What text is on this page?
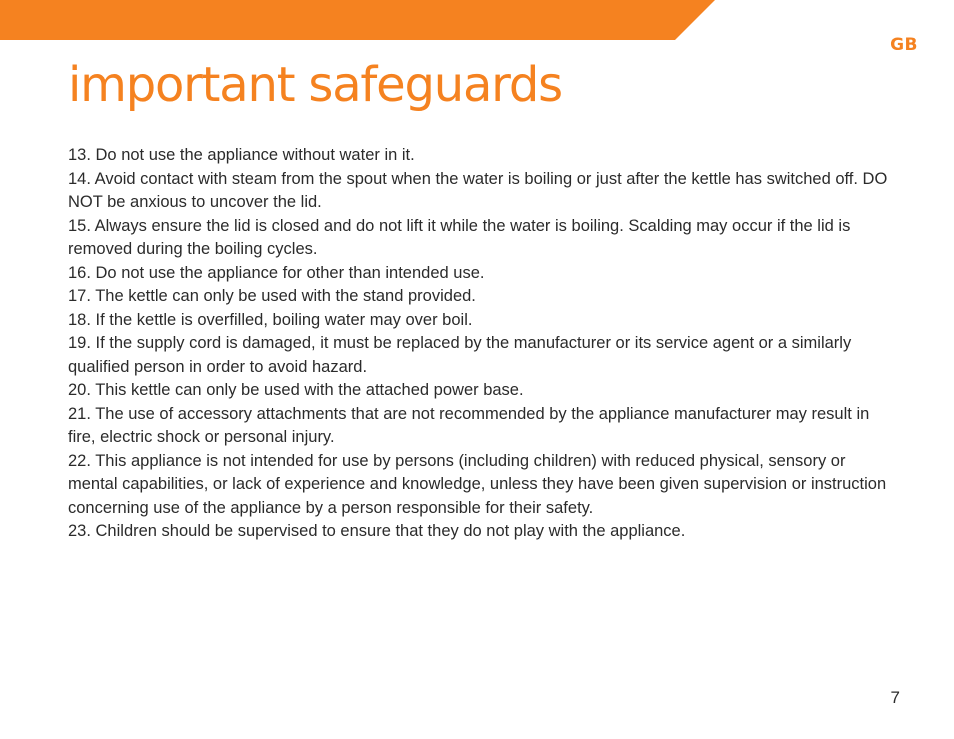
GB
important safeguards
13. Do not use the appliance without water in it.
14. Avoid contact with steam from the spout when the water is boiling or just after the kettle has switched off. DO NOT be anxious to uncover the lid.
15. Always ensure the lid is closed and do not lift it while the water is boiling. Scalding may occur if the lid is removed during the boiling cycles.
16. Do not use the appliance for other than intended use.
17. The kettle can only be used with the stand provided.
18. If the kettle is overfilled, boiling water may over boil.
19. If the supply cord is damaged, it must be replaced by the manufacturer or its service agent or a similarly qualified person in order to avoid hazard.
20. This kettle can only be used with the attached power base.
21. The use of accessory attachments that are not recommended by the appliance manufacturer may result in fire, electric shock or personal injury.
22. This appliance is not intended for use by persons (including children) with reduced physical, sensory or mental capabilities, or lack of experience and knowledge, unless they have been given supervision or instruction concerning use of the appliance by a person responsible for their safety.
23. Children should be supervised to ensure that they do not play with the appliance.
7
